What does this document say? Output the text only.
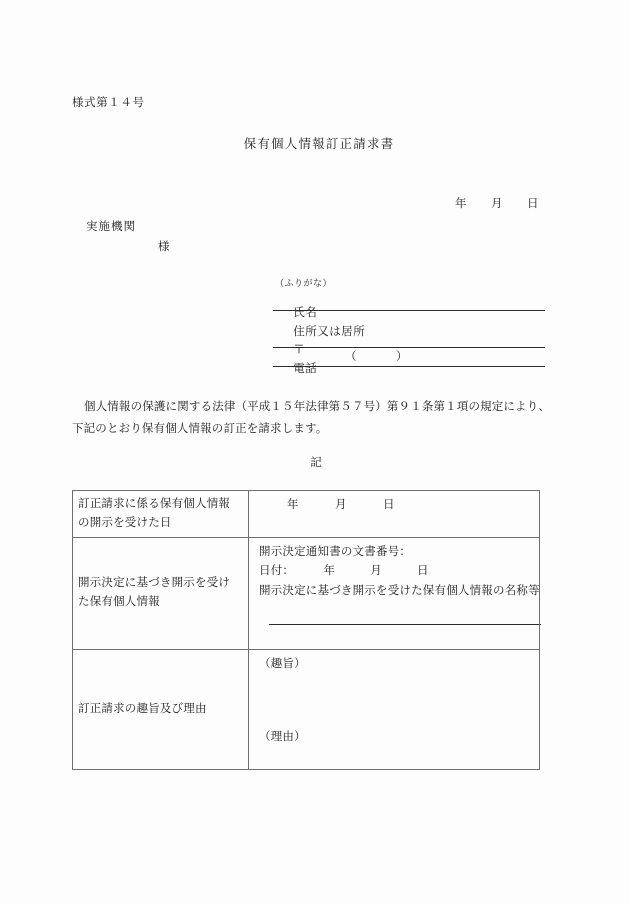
様式第１４号
保有個人情報訂正請求書
年　　月　　日
実施機関
様
（ふりがな）

氏名

住所又は居所

〒

電話

（

	）

個人情報の保護に関する法律（平成１５年法律第５７号）第９１条第１項の規定により、
下記のとおり保有個人情報の訂正を請求します。
記
訂正請求に係る保有個人情報 の開示を受けた日	年　　　月　　　日

開示決定に基づき開示を受け た保有個人情報	開示決定通知書の文書番号：
日付：　　　年　　　月　　　日
開示決定に基づき開示を受けた保有個人情報の名称等

訂正請求の趣旨及び理由	（趣旨）
（理由）
